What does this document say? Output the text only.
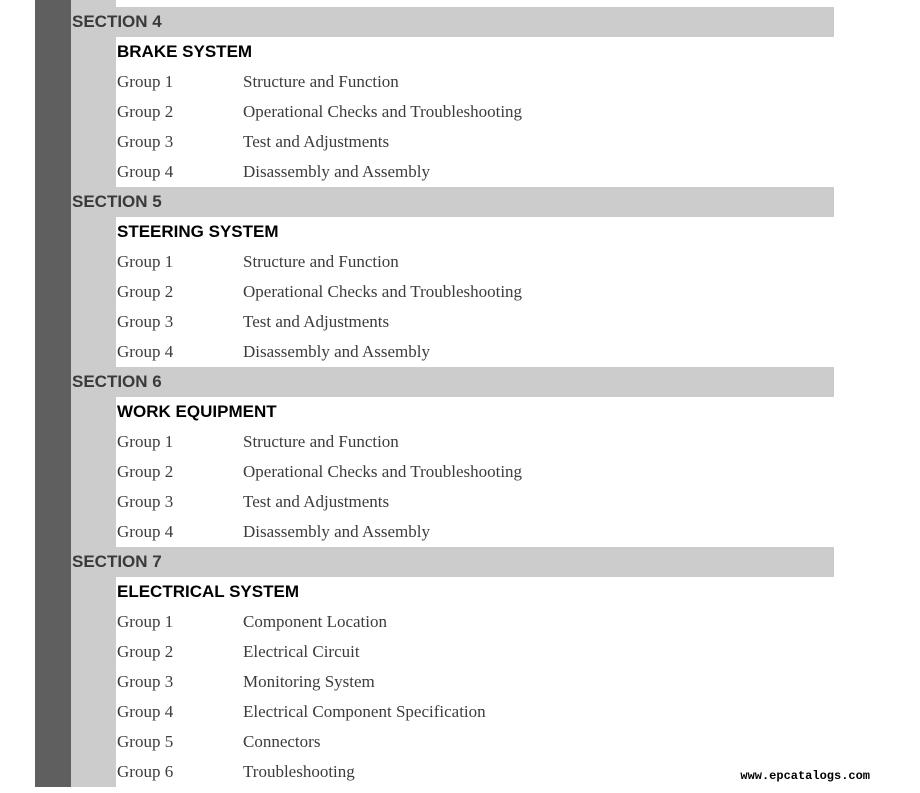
SECTION 4
BRAKE SYSTEM
Group 1	Structure and Function
Group 2	Operational Checks and Troubleshooting
Group 3	Test and Adjustments
Group 4	Disassembly and Assembly
SECTION 5
STEERING SYSTEM
Group 1	Structure and Function
Group 2	Operational Checks and Troubleshooting
Group 3	Test and Adjustments
Group 4	Disassembly and Assembly
SECTION 6
WORK EQUIPMENT
Group 1	Structure and Function
Group 2	Operational Checks and Troubleshooting
Group 3	Test and Adjustments
Group 4	Disassembly and Assembly
SECTION 7
ELECTRICAL SYSTEM
Group 1	Component Location
Group 2	Electrical Circuit
Group 3	Monitoring System
Group 4	Electrical Component Specification
Group 5	Connectors
Group 6	Troubleshooting	www.epcatalogs.com
